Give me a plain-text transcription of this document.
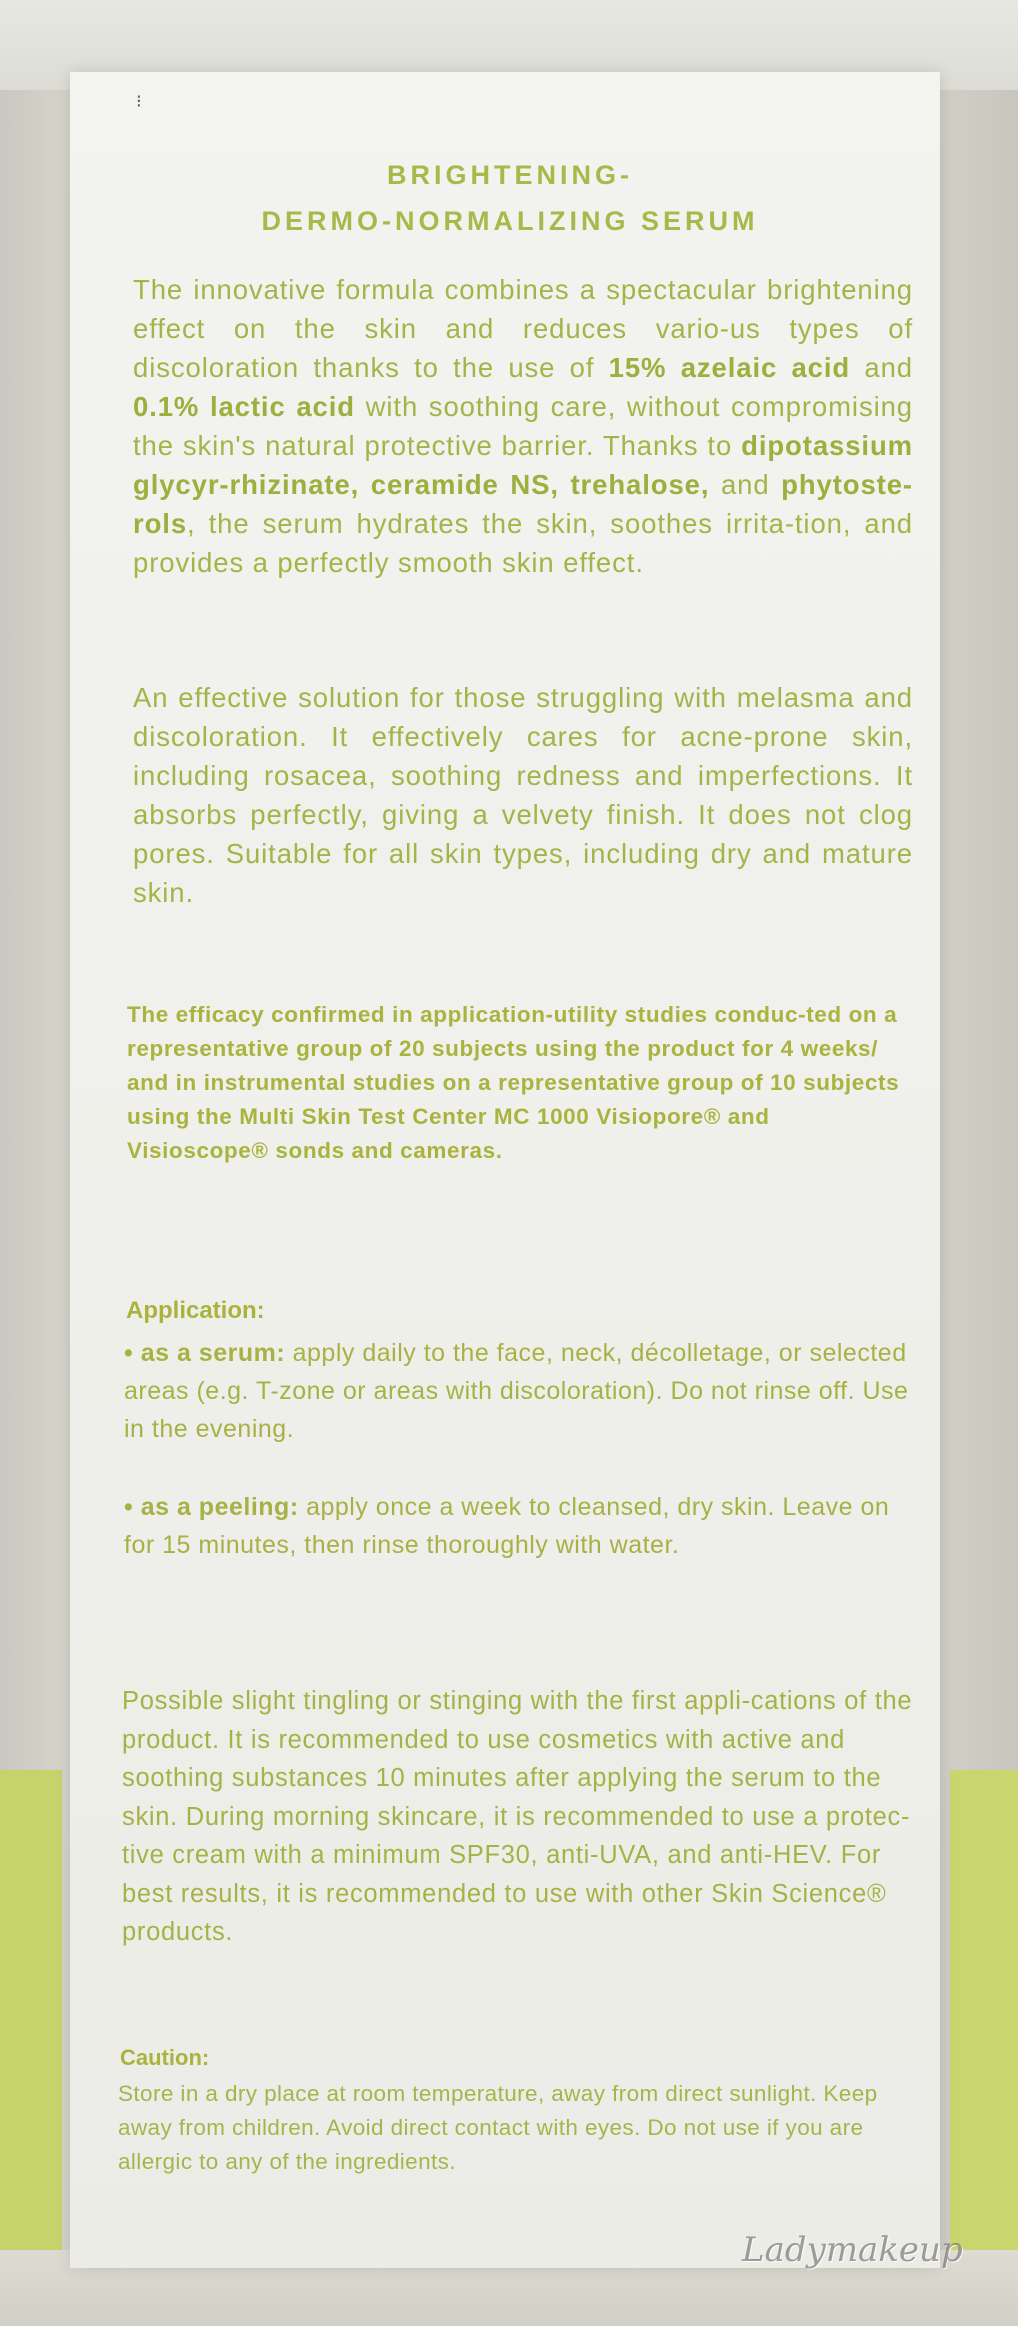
⁝
BRIGHTENING-
DERMO-NORMALIZING SERUM

The innovative formula combines a spectacular brightening effect on the skin and reduces vario-us types of discoloration thanks to the use of 15% azelaic acid and 0.1% lactic acid with soothing care, without compromising the skin's natural protective barrier. Thanks to dipotassium glycyr-rhizinate, ceramide NS, trehalose, and phytoste-rols, the serum hydrates the skin, soothes irrita-tion, and provides a perfectly smooth skin effect.

An effective solution for those struggling with melasma and discoloration. It effectively cares for acne-prone skin, including rosacea, soothing redness and imperfections. It absorbs perfectly, giving a velvety finish. It does not clog pores. Suitable for all skin types, including dry and mature skin.

The efficacy confirmed in application-utility studies conduc-ted on a representative group of 20 subjects using the product for 4 weeks/ and in instrumental studies on a representative group of 10 subjects using the Multi Skin Test Center MC 1000 Visiopore® and Visioscope® sonds and cameras.

Application:

• as a serum: apply daily to the face, neck, décolletage, or selected areas (e.g. T-zone or areas with discoloration). Do not rinse off. Use in the evening.

• as a peeling: apply once a week to cleansed, dry skin. Leave on for 15 minutes, then rinse thoroughly with water.

Possible slight tingling or stinging with the first appli-cations of the product. It is recommended to use cosmetics with active and soothing substances 10 minutes after applying the serum to the skin. During morning skincare, it is recommended to use a protec-tive cream with a minimum SPF30, anti-UVA, and anti-HEV. For best results, it is recommended to use with other Skin Science® products.

Caution:

Store in a dry place at room temperature, away from direct sunlight. Keep away from children. Avoid direct contact with eyes. Do not use if you are allergic to any of the ingredients.

Ladymakeup
